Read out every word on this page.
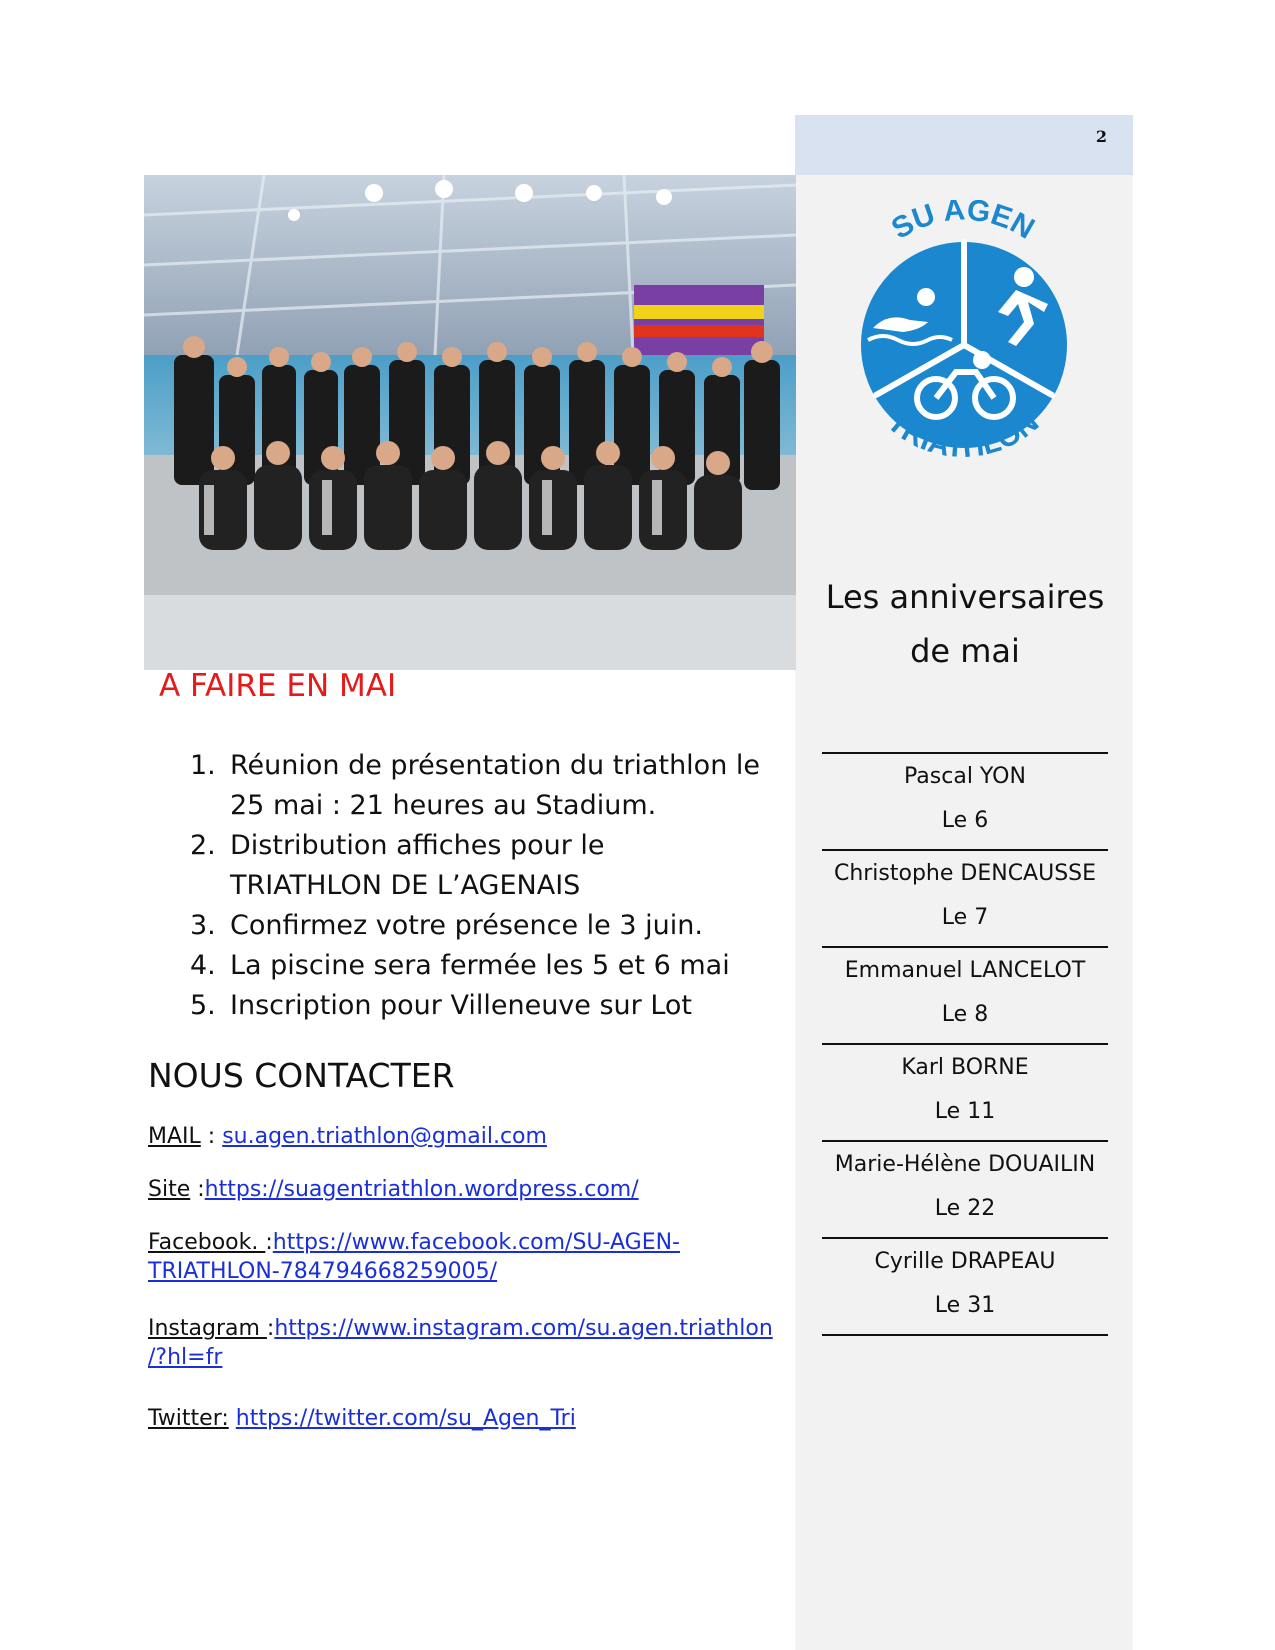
2
SU AGEN
TRIATHLON
Les anniversaires
de mai
Pascal YON
Le 6
Christophe DENCAUSSE
Le 7
Emmanuel LANCELOT
Le 8
Karl BORNE
Le 11
Marie-Hélène DOUAILIN
Le 22
Cyrille DRAPEAU
Le 31
A FAIRE EN MAI
1. Réunion de présentation du triathlon le
25 mai : 21 heures au Stadium.
2. Distribution affiches pour le
TRIATHLON DE L’AGENAIS
3. Confirmez votre présence le 3 juin.
4. La piscine sera fermée les 5 et 6 mai
5. Inscription pour Villeneuve sur Lot
NOUS CONTACTER
MAIL : su.agen.triathlon@gmail.com
Site :https://suagentriathlon.wordpress.com/
Facebook. :https://www.facebook.com/SU-AGEN-
TRIATHLON-784794668259005/
Instagram :https://www.instagram.com/su.agen.triathlon
/?hl=fr
Twitter: https://twitter.com/su_Agen_Tri
